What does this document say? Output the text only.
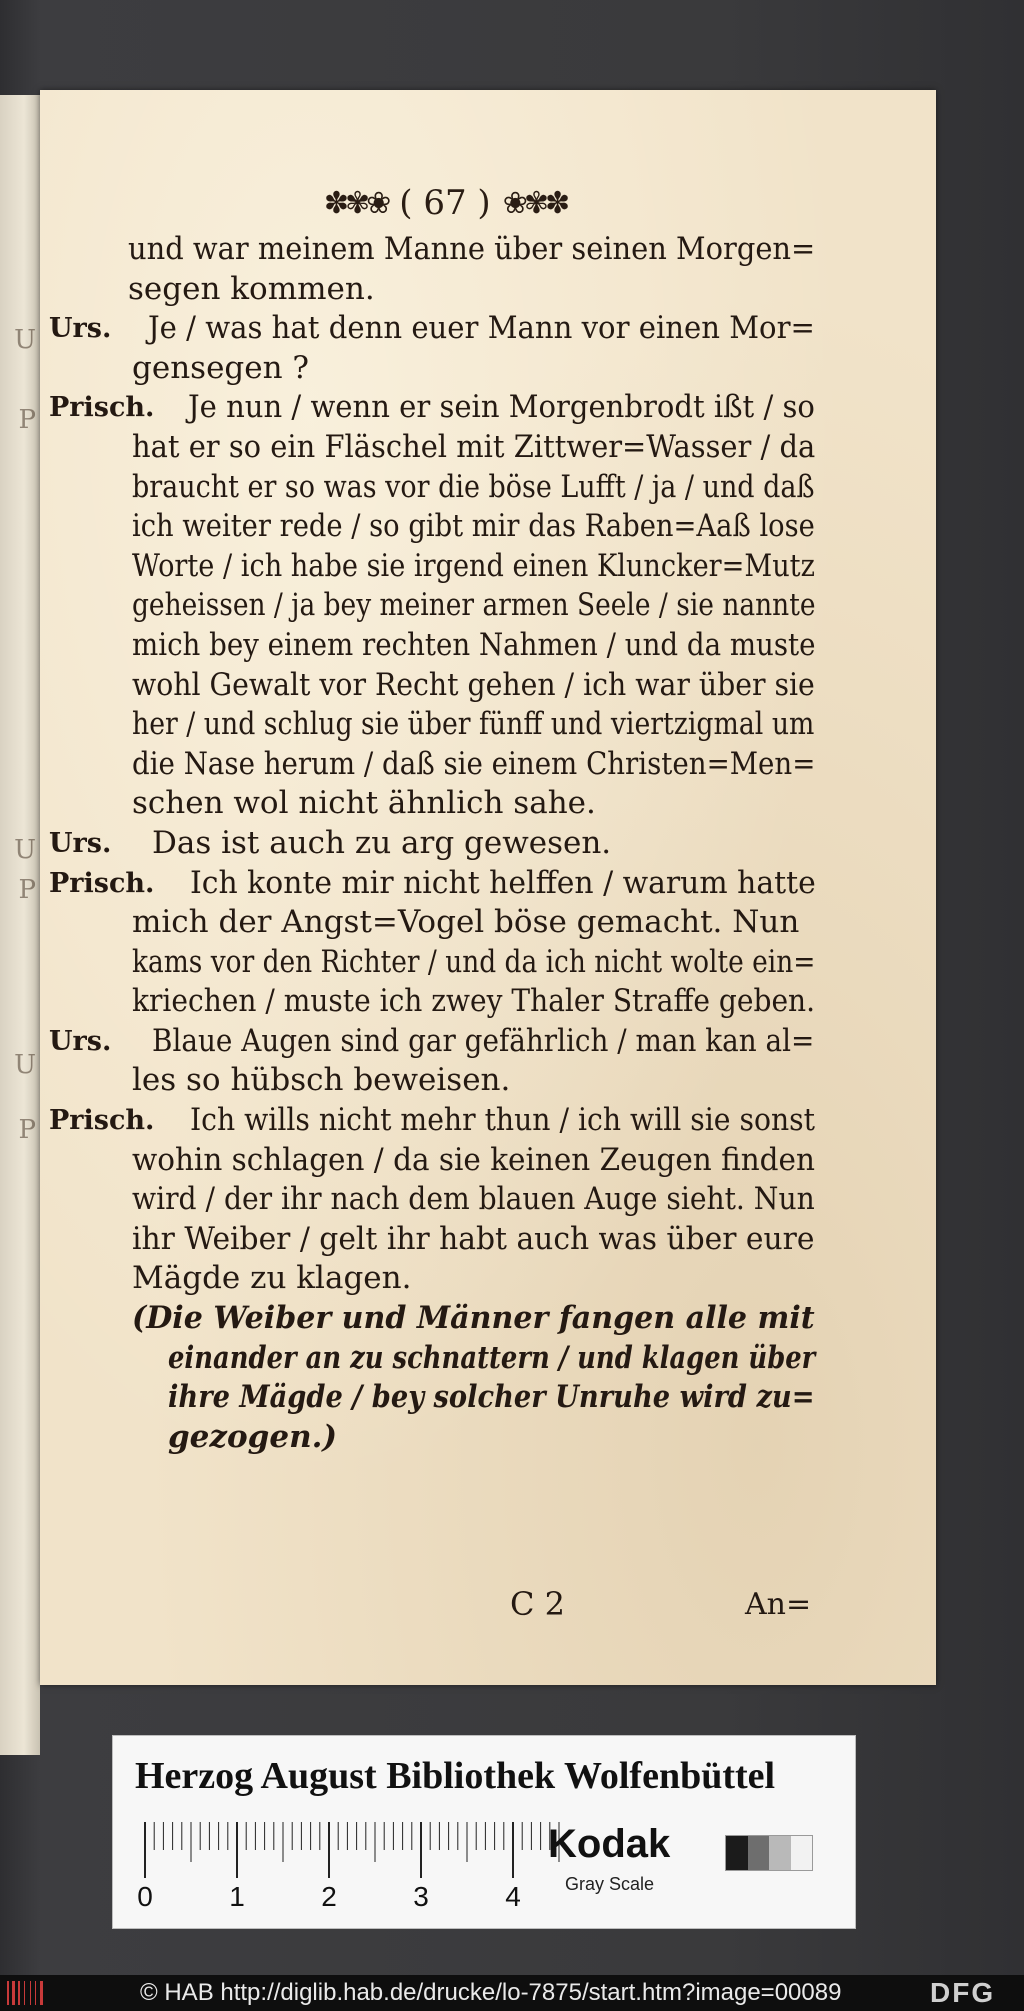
U
P
U
P
U
P
✽✾❀ ( 67 ) ❀✾✽
und war meinem Manne über seinen Morgen=
segen kommen.
Urs. Je / was hat denn euer Mann vor einen Mor=
gensegen ?
Prisch. Je nun / wenn er sein Morgenbrodt ißt / so
hat er so ein Fläschel mit Zittwer=Wasser / da
braucht er so was vor die böse Lufft / ja / und daß
ich weiter rede / so gibt mir das Raben=Aaß lose
Worte / ich habe sie irgend einen Kluncker=Mutz
geheissen / ja bey meiner armen Seele / sie nannte
mich bey einem rechten Nahmen / und da muste
wohl Gewalt vor Recht gehen / ich war über sie
her / und schlug sie über fünff und viertzigmal um
die Nase herum / daß sie einem Christen=Men=
schen wol nicht ähnlich sahe.
Urs. Das ist auch zu arg gewesen.
Prisch. Ich konte mir nicht helffen / warum hatte
mich der Angst=Vogel böse gemacht. Nun
kams vor den Richter / und da ich nicht wolte ein=
kriechen / muste ich zwey Thaler Straffe geben.
Urs. Blaue Augen sind gar gefährlich / man kan al=
les so hübsch beweisen.
Prisch. Ich wills nicht mehr thun / ich will sie sonst
wohin schlagen / da sie keinen Zeugen finden
wird / der ihr nach dem blauen Auge sieht. Nun
ihr Weiber / gelt ihr habt auch was über eure
Mägde zu klagen.
(Die Weiber und Männer fangen alle mit
einander an zu schnattern / und klagen über
ihre Mägde / bey solcher Unruhe wird zu=
gezogen.)
C 2	An=
Herzog August Bibliothek Wolfenbüttel
0	1	2	3	4
Kodak
Gray Scale
© HAB http://diglib.hab.de/drucke/lo-7875/start.htm?image=00089	DFG
